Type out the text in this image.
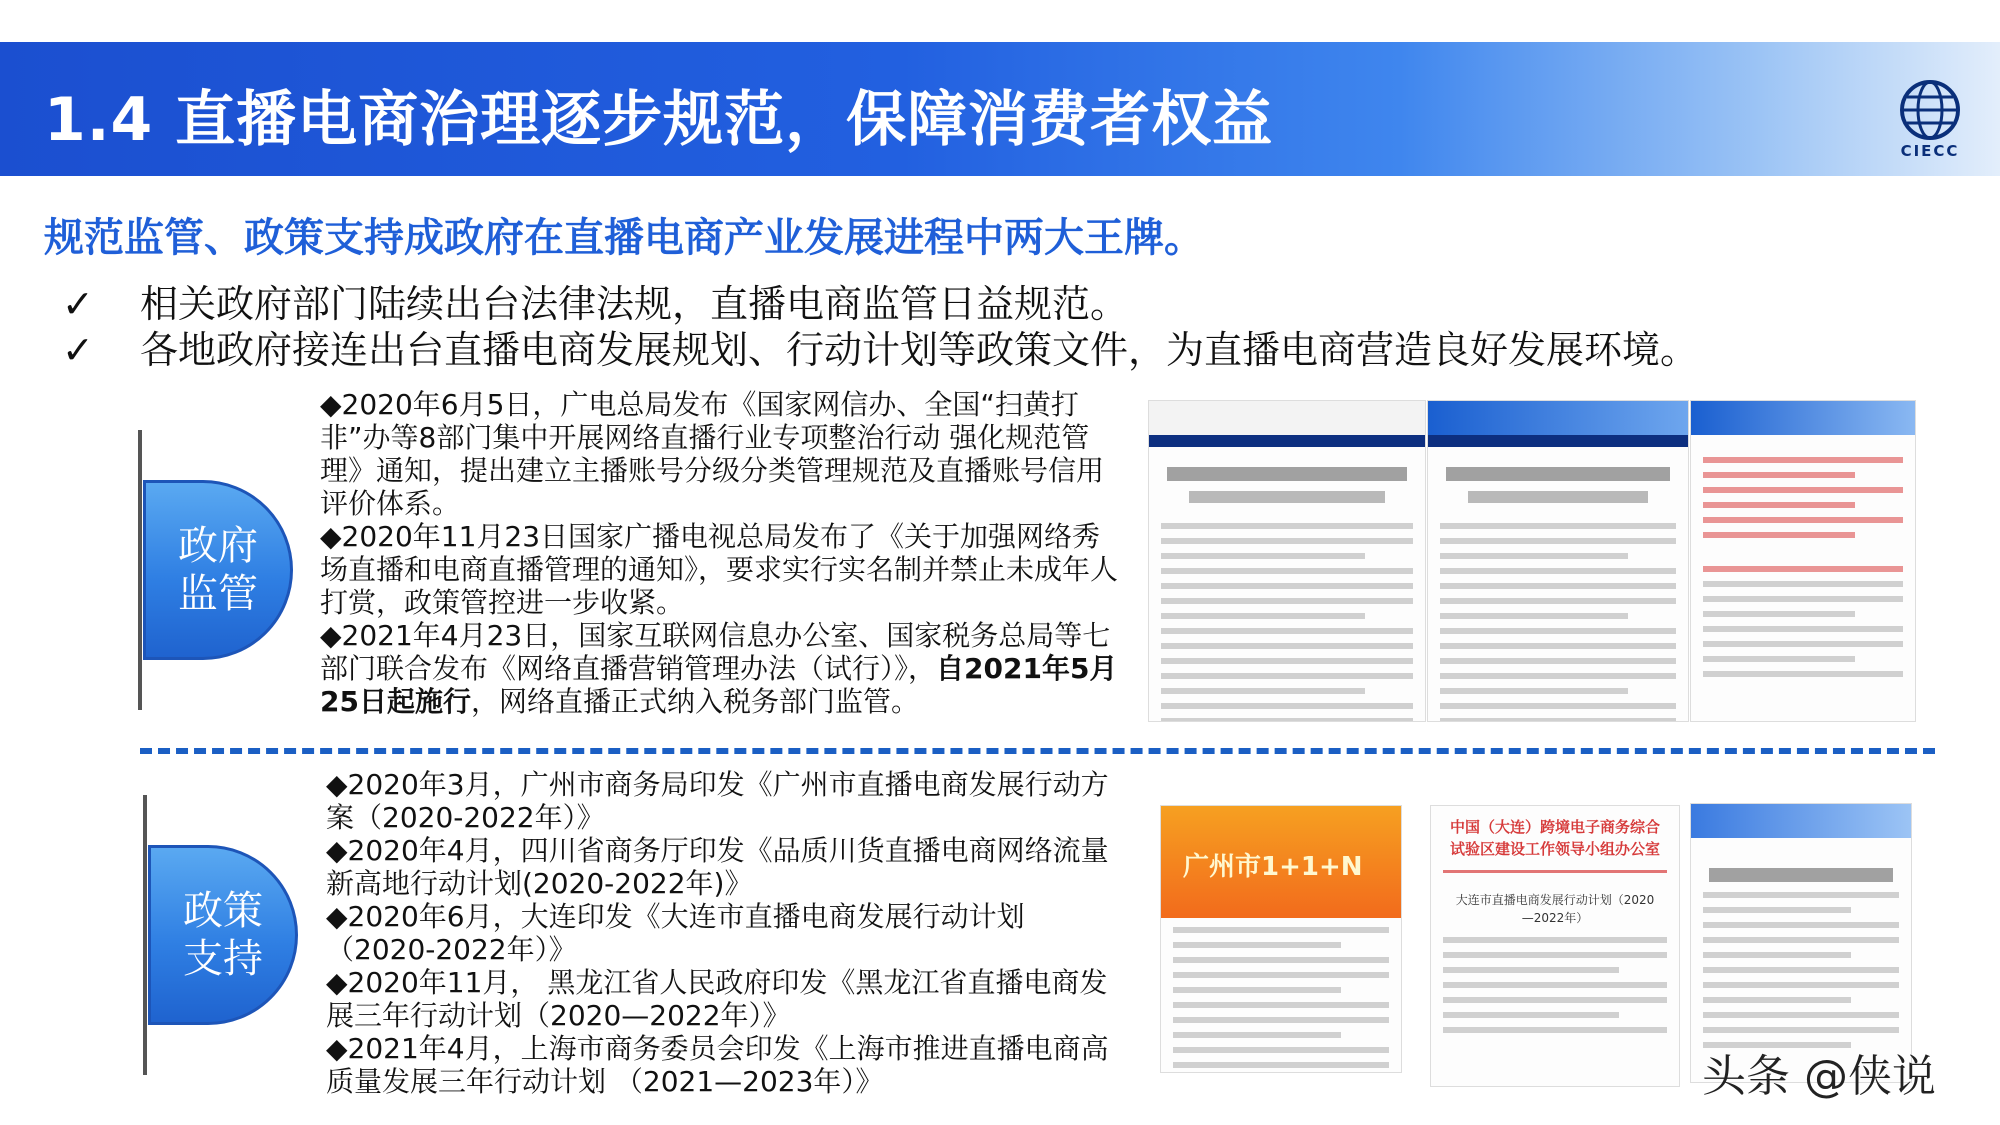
1.4 直播电商治理逐步规范，保障消费者权益	CIECC
规范监管、政策支持成政府在直播电商产业发展进程中两大王牌。
✓ 相关政府部门陆续出台法律法规，直播电商监管日益规范。
✓ 各地政府接连出台直播电商发展规划、行动计划等政策文件，为直播电商营造良好发展环境。
政府
监管

◆2020年6月5日，广电总局发布《国家网信办、全国“扫黄打非”办等8部门集中开展网络直播行业专项整治行动 强化规范管理》通知，提出建立主播账号分级分类管理规范及直播账号信用评价体系。

◆2020年11月23日国家广播电视总局发布了《关于加强网络秀场直播和电商直播管理的通知》，要求实行实名制并禁止未成年人打赏，政策管控进一步收紧。

◆2021年4月23日，国家互联网信息办公室、国家税务总局等七部门联合发布《网络直播营销管理办法（试行）》，自2021年5月25日起施行，网络直播正式纳入税务部门监管。

政策
支持

◆2020年3月，广州市商务局印发《广州市直播电商发展行动方案（2020-2022年）》

◆2020年4月，四川省商务厅印发《品质川货直播电商网络流量新高地行动计划(2020-2022年)》

◆2020年6月，大连印发《大连市直播电商发展行动计划（2020-2022年）》

◆2020年11月， 黑龙江省人民政府印发《黑龙江省直播电商发展三年行动计划（2020—2022年）》

◆2021年4月，上海市商务委员会印发《上海市推进直播电商高质量发展三年行动计划 （2021—2023年）》

广州市1+1+N
中国（大连）跨境电子商务综合试验区建设工作领导小组办公室
大连市直播电商发展行动计划（2020—2022年）
头条 @侠说
